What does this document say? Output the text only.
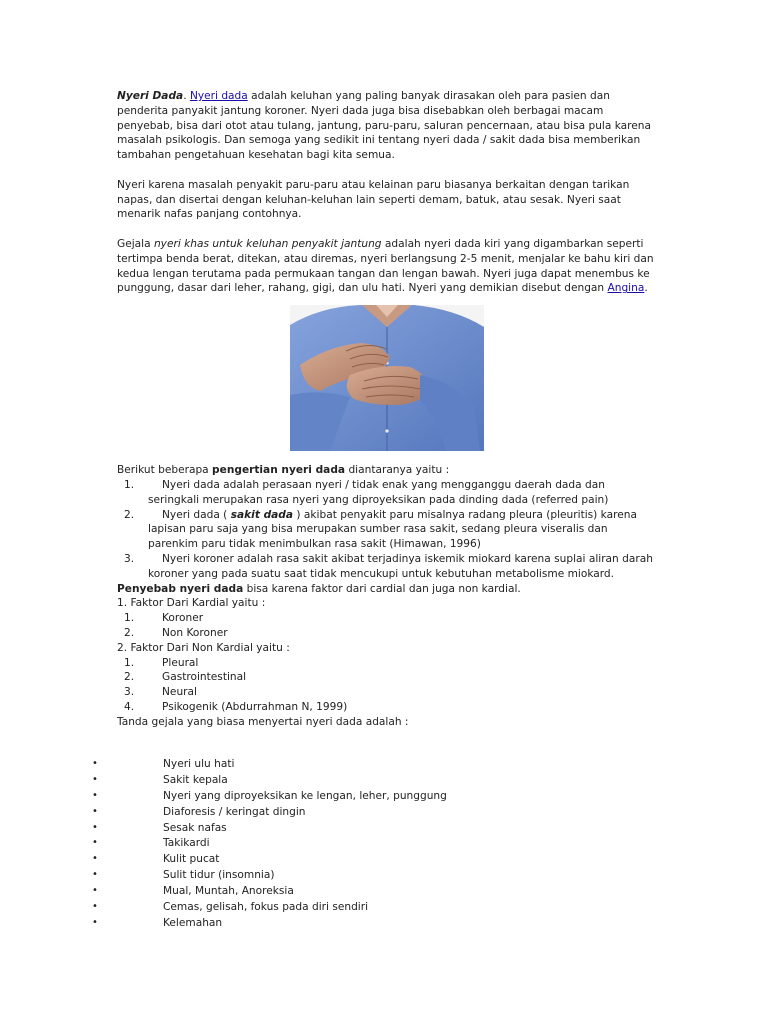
Nyeri Dada. Nyeri dada adalah keluhan yang paling banyak dirasakan oleh para pasien dan penderita panyakit jantung koroner. Nyeri dada juga bisa disebabkan oleh berbagai macam penyebab, bisa dari otot atau tulang, jantung, paru-paru, saluran pencernaan, atau bisa pula karena masalah psikologis. Dan semoga yang sedikit ini tentang nyeri dada / sakit dada bisa memberikan tambahan pengetahuan kesehatan bagi kita semua.

Nyeri karena masalah penyakit paru-paru atau kelainan paru biasanya berkaitan dengan tarikan napas, dan disertai dengan keluhan-keluhan lain seperti demam, batuk, atau sesak. Nyeri saat menarik nafas panjang contohnya.

Gejala nyeri khas untuk keluhan penyakit jantung adalah nyeri dada kiri yang digambarkan seperti tertimpa benda berat, ditekan, atau diremas, nyeri berlangsung 2-5 menit, menjalar ke bahu kiri dan kedua lengan terutama pada permukaan tangan dan lengan bawah. Nyeri juga dapat menembus ke punggung, dasar dari leher, rahang, gigi, dan ulu hati. Nyeri yang demikian disebut dengan Angina.

Berikut beberapa pengertian nyeri dada diantaranya yaitu :

1.	Nyeri dada adalah perasaan nyeri / tidak enak yang mengganggu daerah dada dan seringkali merupakan rasa nyeri yang diproyeksikan pada dinding dada (referred pain)
2.	Nyeri dada ( sakit dada ) akibat penyakit paru misalnya radang pleura (pleuritis) karena lapisan paru saja yang bisa merupakan sumber rasa sakit, sedang pleura viseralis dan parenkim paru tidak menimbulkan rasa sakit (Himawan, 1996)
3.	Nyeri koroner adalah rasa sakit akibat terjadinya iskemik miokard karena suplai aliran darah koroner yang pada suatu saat tidak mencukupi untuk kebutuhan metabolisme miokard.

Penyebab nyeri dada bisa karena faktor dari cardial dan juga non kardial.

1. Faktor Dari Kardial yaitu :

1.	Koroner
2.	Non Koroner

2. Faktor Dari Non Kardial yaitu :

1.	Pleural
2.	Gastrointestinal
3.	Neural
4.	Psikogenik (Abdurrahman N, 1999)

Tanda gejala yang biasa menyertai nyeri dada adalah :

•	Nyeri ulu hati
•	Sakit kepala
•	Nyeri yang diproyeksikan ke lengan, leher, punggung
•	Diaforesis / keringat dingin
•	Sesak nafas
•	Takikardi
•	Kulit pucat
•	Sulit tidur (insomnia)
•	Mual, Muntah, Anoreksia
•	Cemas, gelisah, fokus pada diri sendiri
•	Kelemahan
